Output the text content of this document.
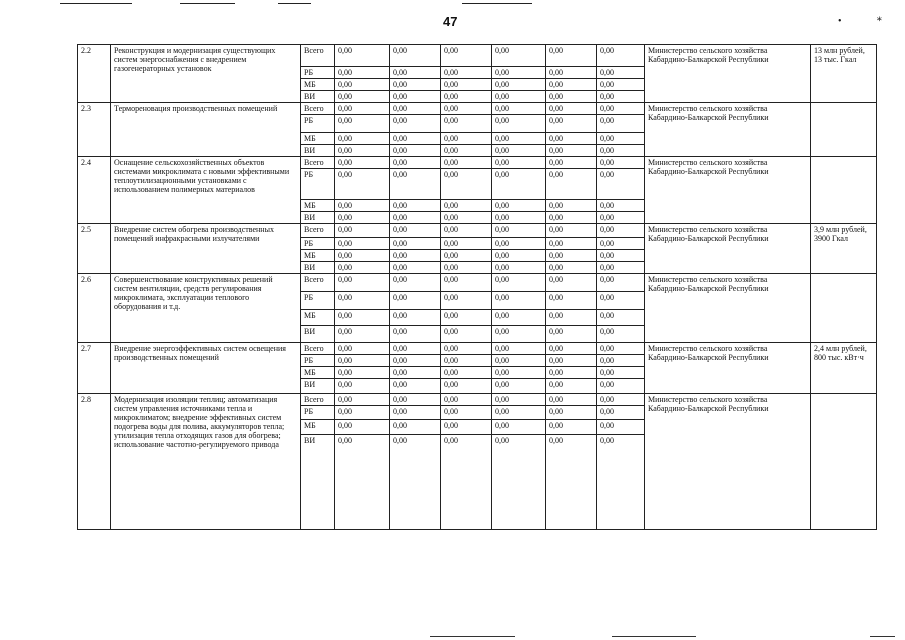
47	•	∗
2.2	Реконструкция и модернизация существующих систем энергоснабжения с внедрением газогенераторных установок	Всего	0,00	0,00	0,00	0,00	0,00	0,00	Министерство сельского хозяйства Кабардино-Балкарской Республики	13 млн рублей, 13 тыс. Гкал
		РБ	0,00	0,00	0,00	0,00	0,00	0,00		
		МБ	0,00	0,00	0,00	0,00	0,00	0,00		
		ВИ	0,00	0,00	0,00	0,00	0,00	0,00		
2.3	Термореновация производственных помещений	Всего	0,00	0,00	0,00	0,00	0,00	0,00	Министерство сельского хозяйства Кабардино-Балкарской Республики	
		РБ	0,00	0,00	0,00	0,00	0,00	0,00		
		МБ	0,00	0,00	0,00	0,00	0,00	0,00		
		ВИ	0,00	0,00	0,00	0,00	0,00	0,00		
2.4	Оснащение сельскохозяйственных объектов системами микроклимата с новыми эффективными теплоутилизационными установками с использованием полимерных материалов	Всего	0,00	0,00	0,00	0,00	0,00	0,00	Министерство сельского хозяйства Кабардино-Балкарской Республики	
		РБ	0,00	0,00	0,00	0,00	0,00	0,00		
		МБ	0,00	0,00	0,00	0,00	0,00	0,00		
		ВИ	0,00	0,00	0,00	0,00	0,00	0,00		
2.5	Внедрение систем обогрева производственных помещений инфракрасными излучателями	Всего	0,00	0,00	0,00	0,00	0,00	0,00	Министерство сельского хозяйства Кабардино-Балкарской Республики	3,9 млн рублей, 3900 Гкал
		РБ	0,00	0,00	0,00	0,00	0,00	0,00		
		МБ	0,00	0,00	0,00	0,00	0,00	0,00		
		ВИ	0,00	0,00	0,00	0,00	0,00	0,00		
2.6	Совершенствование конструктивных решений систем вентиляции, средств регулирования микроклимата, эксплуатации теплового оборудования и т.д.	Всего	0,00	0,00	0,00	0,00	0,00	0,00	Министерство сельского хозяйства Кабардино-Балкарской Республики	
		РБ	0,00	0,00	0,00	0,00	0,00	0,00		
		МБ	0,00	0,00	0,00	0,00	0,00	0,00		
		ВИ	0,00	0,00	0,00	0,00	0,00	0,00		
2.7	Внедрение энергоэффективных систем освещения производственных помещений	Всего	0,00	0,00	0,00	0,00	0,00	0,00	Министерство сельского хозяйства Кабардино-Балкарской Республики	2,4 млн рублей, 800 тыс. кВт·ч
		РБ	0,00	0,00	0,00	0,00	0,00	0,00		
		МБ	0,00	0,00	0,00	0,00	0,00	0,00		
		ВИ	0,00	0,00	0,00	0,00	0,00	0,00		
2.8	Модернизация изоляции теплиц; автоматизация систем управления источниками тепла и микроклиматом; внедрение эффективных систем подогрева воды для полива, аккумуляторов тепла; утилизация тепла отходящих газов для обогрева; использование частотно-регулируемого привода	Всего	0,00	0,00	0,00	0,00	0,00	0,00	Министерство сельского хозяйства Кабардино-Балкарской Республики	
		РБ	0,00	0,00	0,00	0,00	0,00	0,00		
		МБ	0,00	0,00	0,00	0,00	0,00	0,00		
		ВИ	0,00	0,00	0,00	0,00	0,00	0,00		
